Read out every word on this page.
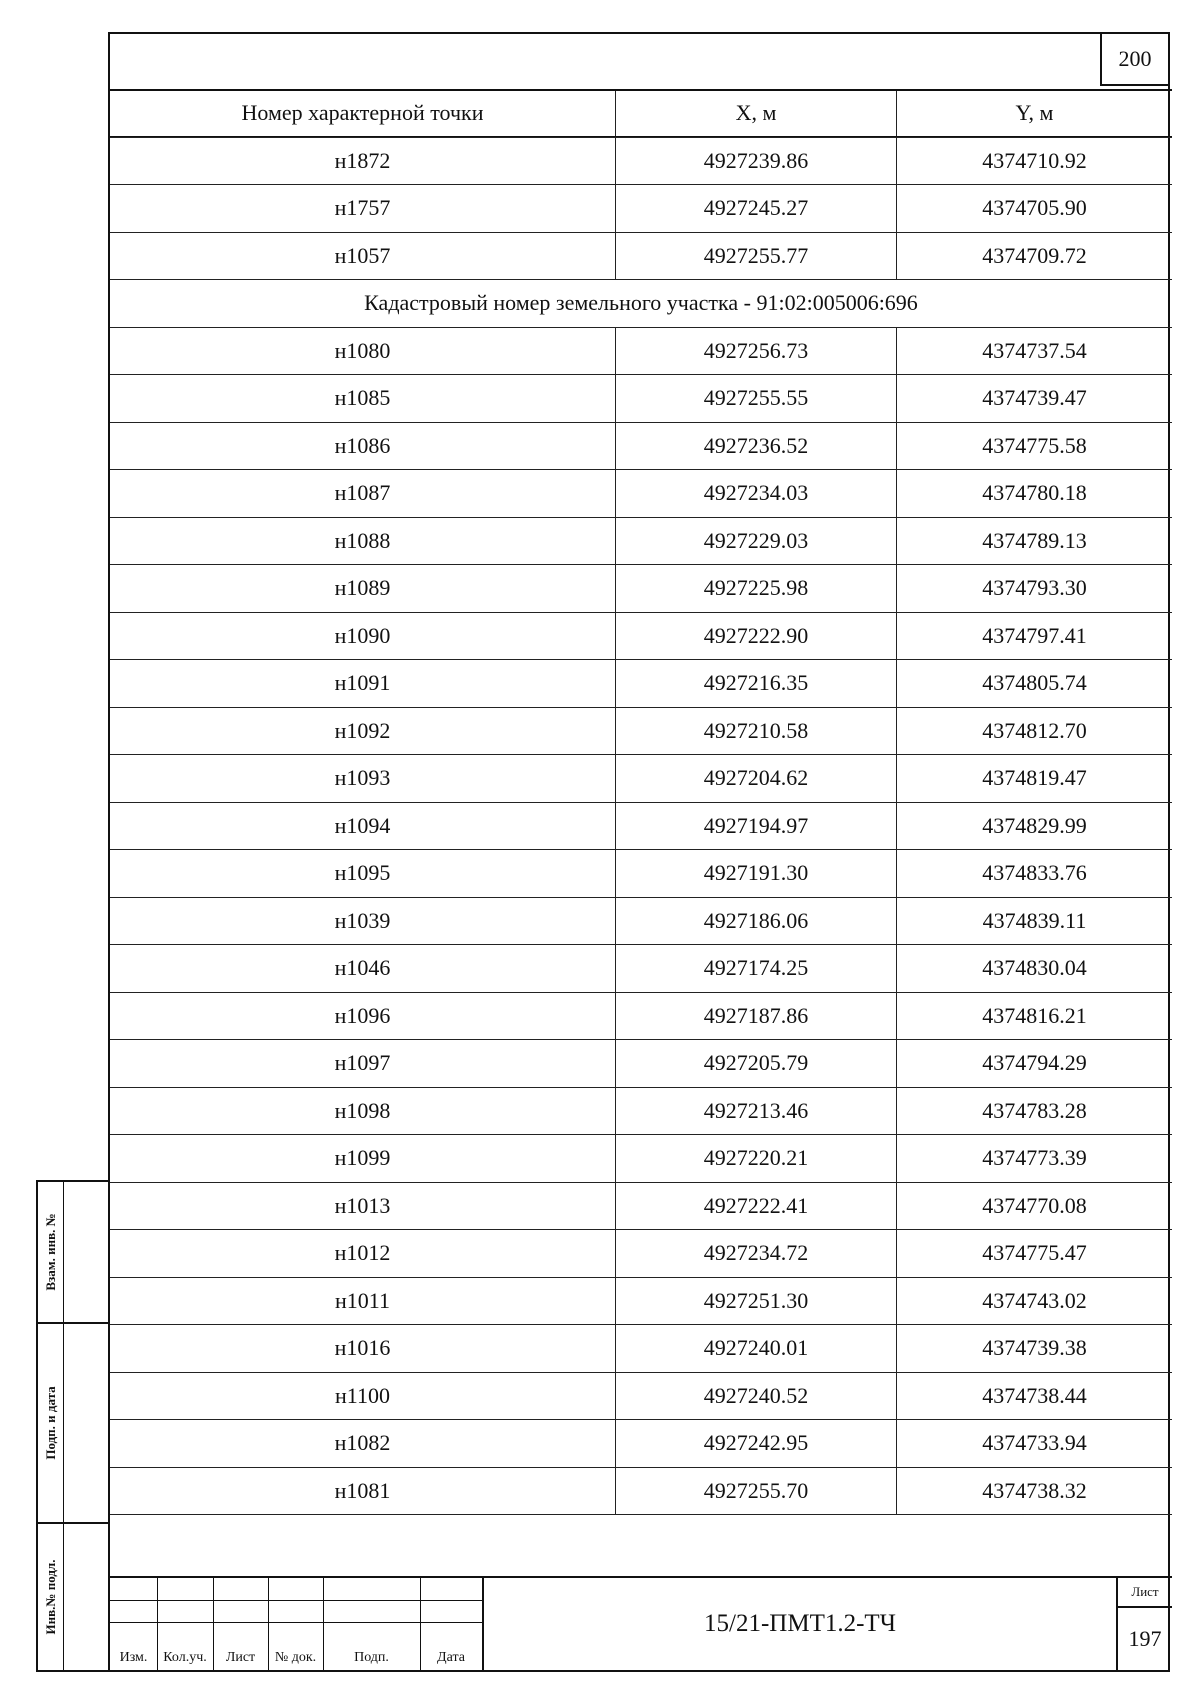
200
Номер характерной точки	X, м	Y, м
н1872	4927239.86	4374710.92
н1757	4927245.27	4374705.90
н1057	4927255.77	4374709.72
Кадастровый номер земельного участка - 91:02:005006:696
н1080	4927256.73	4374737.54
н1085	4927255.55	4374739.47
н1086	4927236.52	4374775.58
н1087	4927234.03	4374780.18
н1088	4927229.03	4374789.13
н1089	4927225.98	4374793.30
н1090	4927222.90	4374797.41
н1091	4927216.35	4374805.74
н1092	4927210.58	4374812.70
н1093	4927204.62	4374819.47
н1094	4927194.97	4374829.99
н1095	4927191.30	4374833.76
н1039	4927186.06	4374839.11
н1046	4927174.25	4374830.04
н1096	4927187.86	4374816.21
н1097	4927205.79	4374794.29
н1098	4927213.46	4374783.28
н1099	4927220.21	4374773.39
н1013	4927222.41	4374770.08
н1012	4927234.72	4374775.47
н1011	4927251.30	4374743.02
н1016	4927240.01	4374739.38
н1100	4927240.52	4374738.44
н1082	4927242.95	4374733.94
н1081	4927255.70	4374738.32
Изм.	Кол.уч.	Лист	№ док.	Подп.	Дата
15/21-ПМТ1.2-ТЧ
Лист
197
Взам. инв. №
Подп. и дата
Инв.№ подл.
